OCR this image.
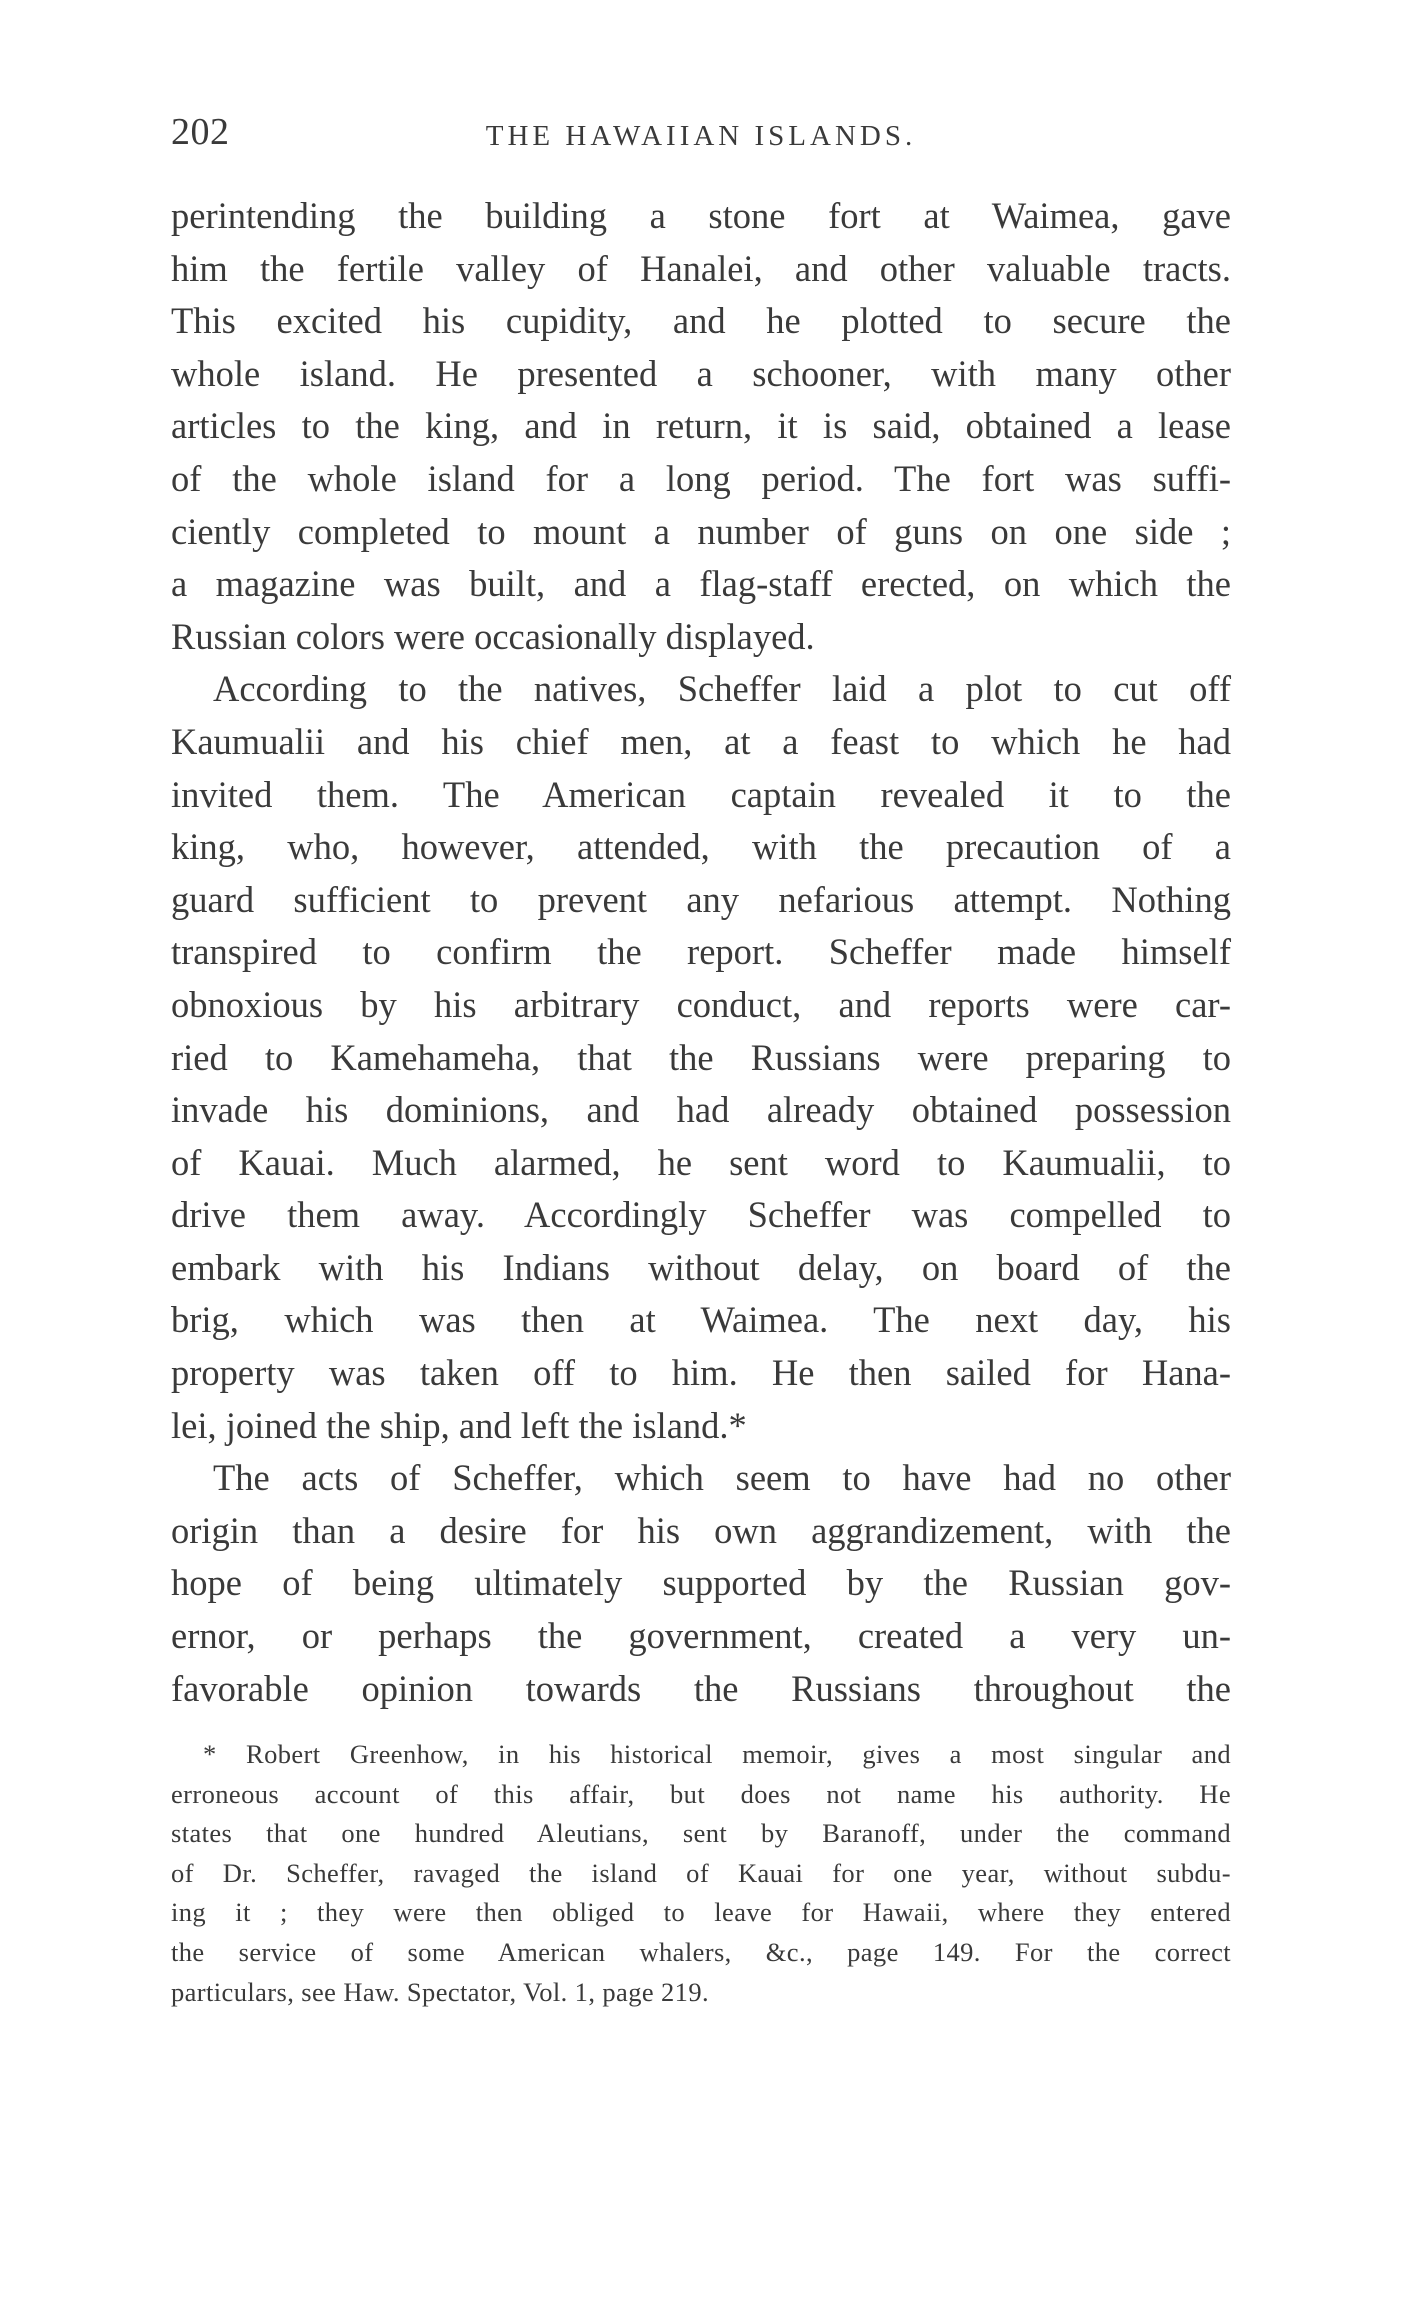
202	THE HAWAIIAN ISLANDS.
perintending the building a stone fort at Waimea, gave
him the fertile valley of Hanalei, and other valuable tracts.
This excited his cupidity, and he plotted to secure the
whole island. He presented a schooner, with many other
articles to the king, and in return, it is said, obtained a lease
of the whole island for a long period. The fort was suffi-
ciently completed to mount a number of guns on one side ;
a magazine was built, and a flag-staff erected, on which the
Russian colors were occasionally displayed.
According to the natives, Scheffer laid a plot to cut off
Kaumualii and his chief men, at a feast to which he had
invited them. The American captain revealed it to the
king, who, however, attended, with the precaution of a
guard sufficient to prevent any nefarious attempt. Nothing
transpired to confirm the report. Scheffer made himself
obnoxious by his arbitrary conduct, and reports were car-
ried to Kamehameha, that the Russians were preparing to
invade his dominions, and had already obtained possession
of Kauai. Much alarmed, he sent word to Kaumualii, to
drive them away. Accordingly Scheffer was compelled to
embark with his Indians without delay, on board of the
brig, which was then at Waimea. The next day, his
property was taken off to him. He then sailed for Hana-
lei, joined the ship, and left the island.*
The acts of Scheffer, which seem to have had no other
origin than a desire for his own aggrandizement, with the
hope of being ultimately supported by the Russian gov-
ernor, or perhaps the government, created a very un-
favorable opinion towards the Russians throughout the
* Robert Greenhow, in his historical memoir, gives a most singular and
erroneous account of this affair, but does not name his authority. He
states that one hundred Aleutians, sent by Baranoff, under the command
of Dr. Scheffer, ravaged the island of Kauai for one year, without subdu-
ing it ; they were then obliged to leave for Hawaii, where they entered
the service of some American whalers, &c., page 149. For the correct
particulars, see Haw. Spectator, Vol. 1, page 219.
